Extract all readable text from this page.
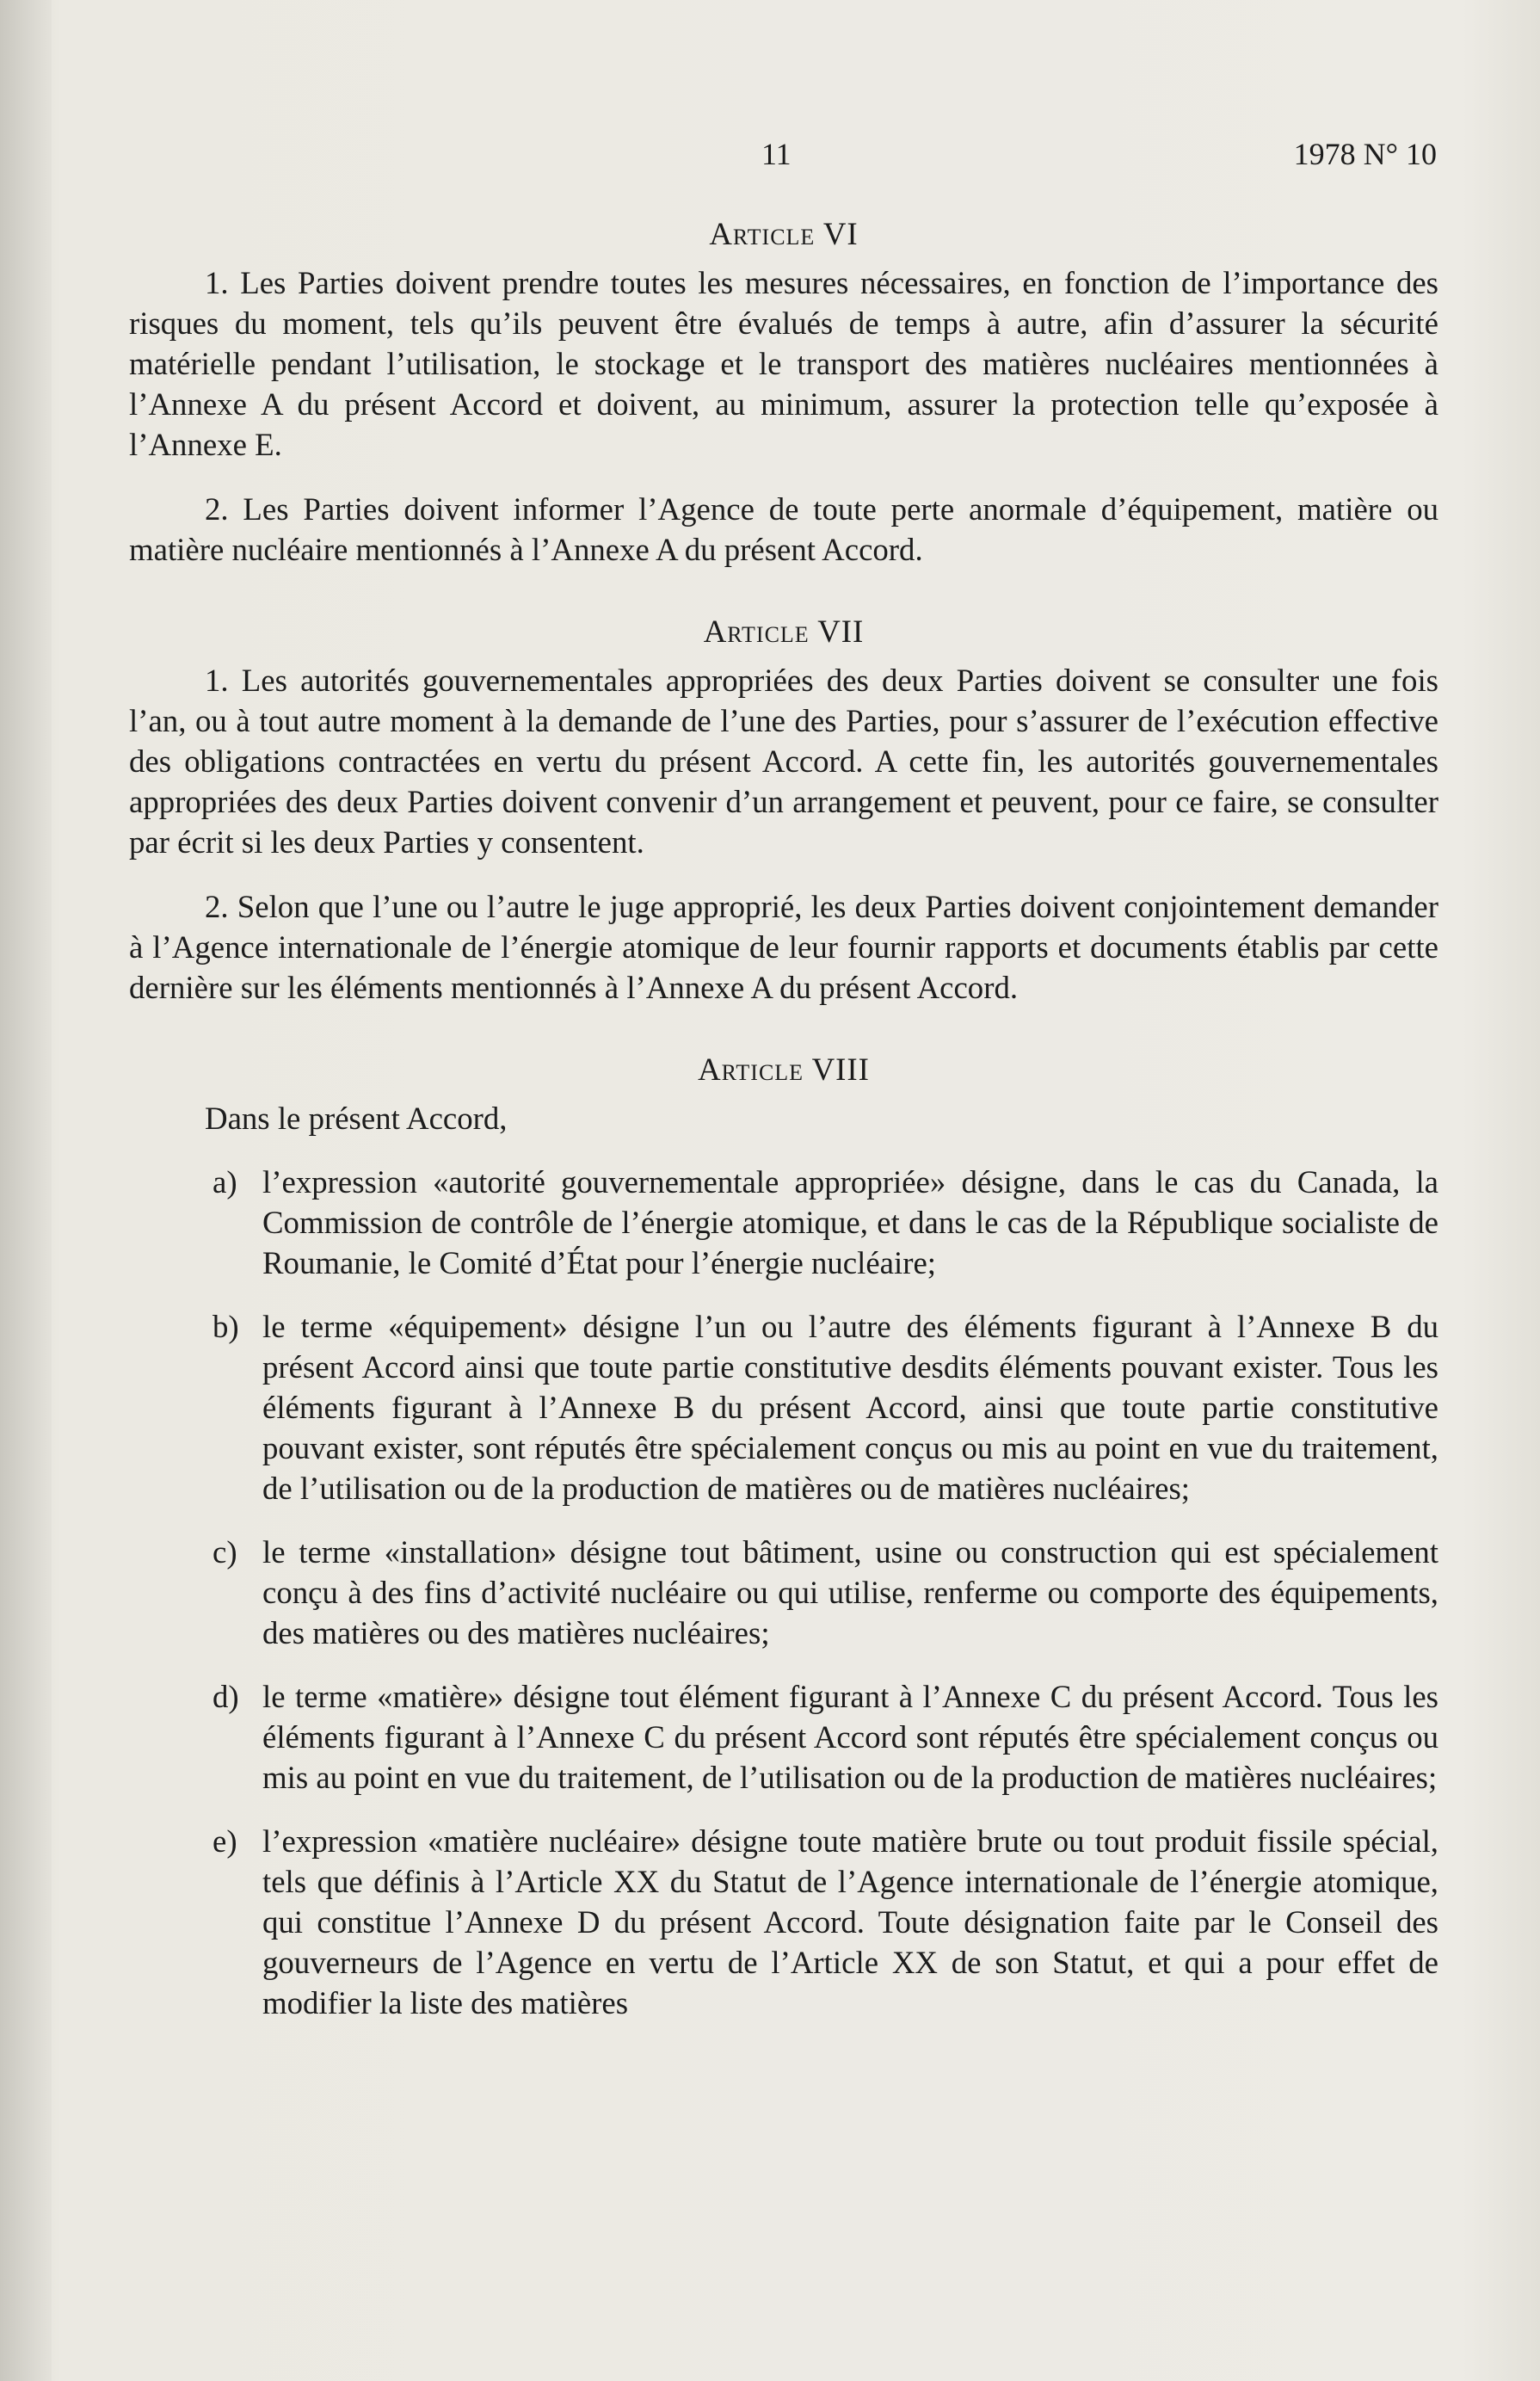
11	1978 N° 10
Article VI

1. Les Parties doivent prendre toutes les mesures nécessaires, en fonction de l’importance des risques du moment, tels qu’ils peuvent être évalués de temps à autre, afin d’assurer la sécurité matérielle pendant l’utilisation, le stockage et le transport des matières nucléaires mentionnées à l’Annexe A du présent Accord et doivent, au minimum, assurer la protection telle qu’exposée à l’Annexe E.

2. Les Parties doivent informer l’Agence de toute perte anormale d’équipement, matière ou matière nucléaire mentionnés à l’Annexe A du présent Accord.

Article VII

1. Les autorités gouvernementales appropriées des deux Parties doivent se consulter une fois l’an, ou à tout autre moment à la demande de l’une des Parties, pour s’assurer de l’exécution effective des obligations contractées en vertu du présent Accord. A cette fin, les autorités gouvernementales appropriées des deux Parties doivent convenir d’un arrangement et peuvent, pour ce faire, se consulter par écrit si les deux Parties y consentent.

2. Selon que l’une ou l’autre le juge approprié, les deux Parties doivent conjointement demander à l’Agence internationale de l’énergie atomique de leur fournir rapports et documents établis par cette dernière sur les éléments mentionnés à l’Annexe A du présent Accord.

Article VIII

Dans le présent Accord,

a) l’expression «autorité gouvernementale appropriée» désigne, dans le cas du Canada, la Commission de contrôle de l’énergie atomique, et dans le cas de la République socialiste de Roumanie, le Comité d’État pour l’énergie nucléaire;
b) le terme «équipement» désigne l’un ou l’autre des éléments figurant à l’Annexe B du présent Accord ainsi que toute partie constitutive desdits éléments pouvant exister. Tous les éléments figurant à l’Annexe B du présent Accord, ainsi que toute partie constitutive pouvant exister, sont réputés être spécialement conçus ou mis au point en vue du traitement, de l’utilisation ou de la production de matières ou de matières nucléaires;
c) le terme «installation» désigne tout bâtiment, usine ou construction qui est spécialement conçu à des fins d’activité nucléaire ou qui utilise, renferme ou comporte des équipements, des matières ou des matières nucléaires;
d) le terme «matière» désigne tout élément figurant à l’Annexe C du présent Accord. Tous les éléments figurant à l’Annexe C du présent Accord sont réputés être spécialement conçus ou mis au point en vue du traitement, de l’utilisation ou de la production de matières nucléaires;
e) l’expression «matière nucléaire» désigne toute matière brute ou tout produit fissile spécial, tels que définis à l’Article XX du Statut de l’Agence internationale de l’énergie atomique, qui constitue l’Annexe D du présent Accord. Toute désignation faite par le Conseil des gouverneurs de l’Agence en vertu de l’Article XX de son Statut, et qui a pour effet de modifier la liste des matières
